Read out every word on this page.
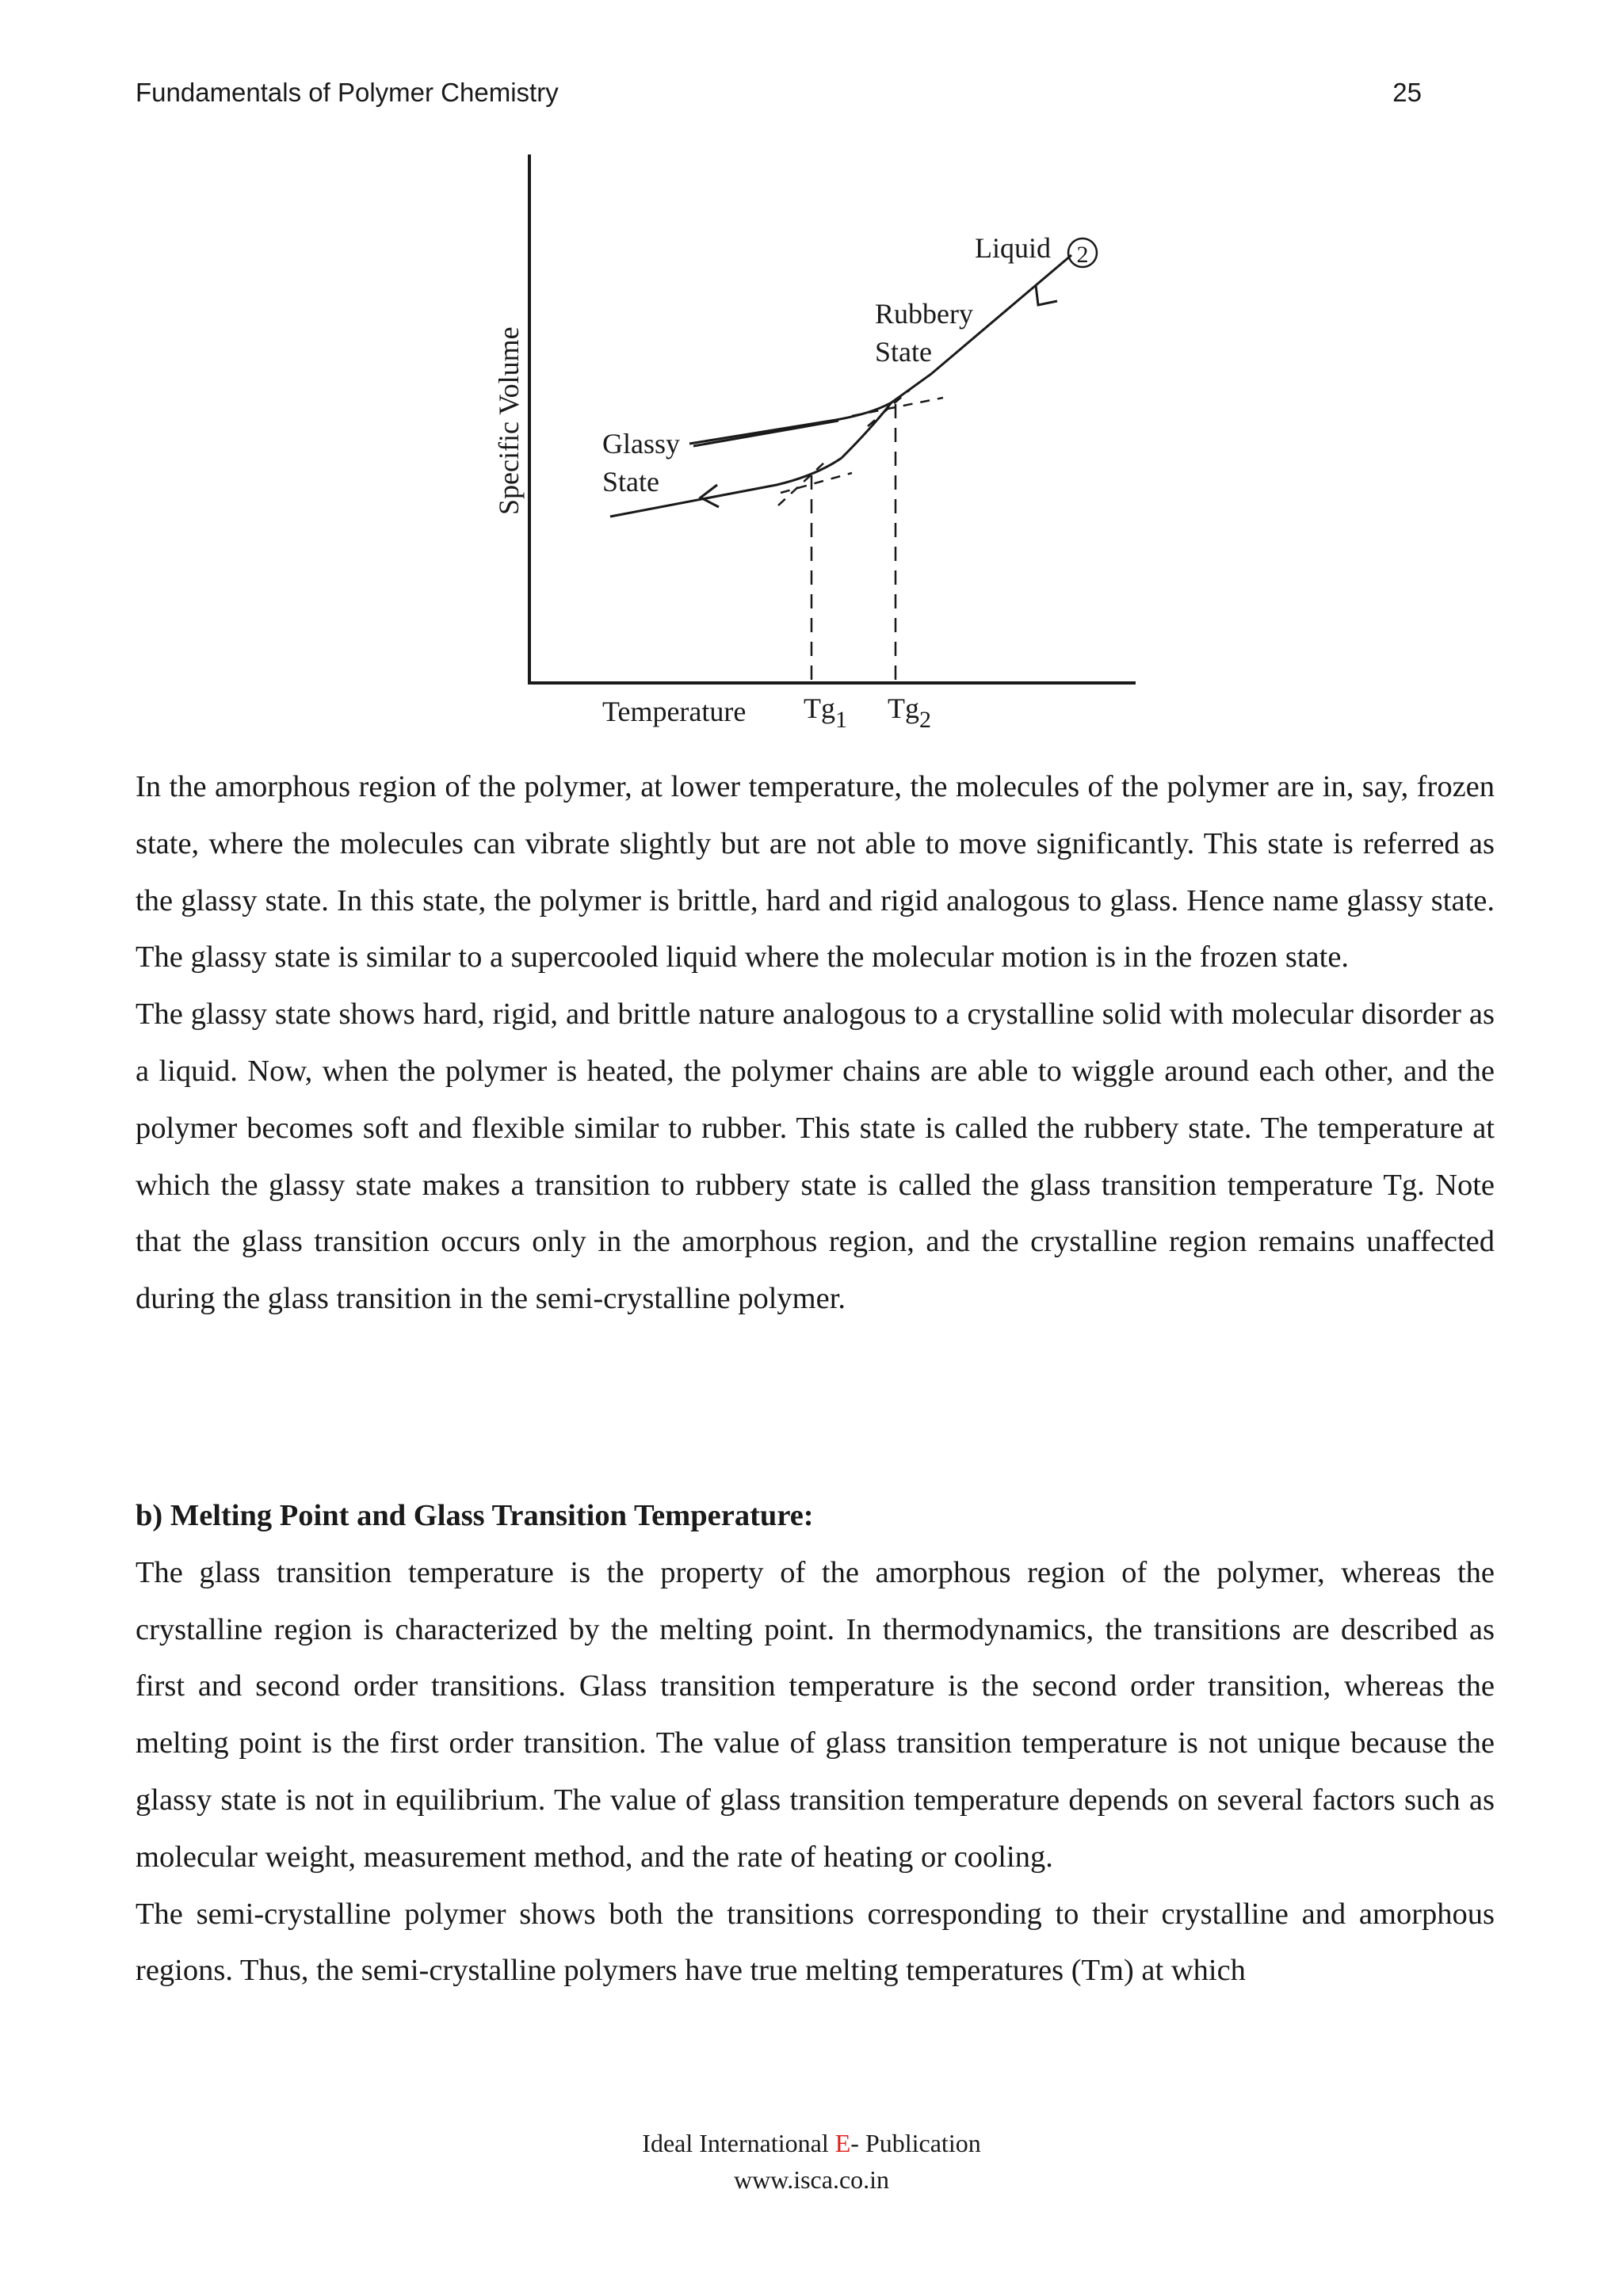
Fundamentals of Polymer Chemistry	25
Specific Volume
Temperature
Liquid 2
Rubbery
State
Glassy
State
$Tg_1$ $Tg_2$

In the amorphous region of the polymer, at lower temperature, the molecules of the polymer are in, say, frozen state, where the molecules can vibrate slightly but are not able to move significantly. This state is referred as the glassy state. In this state, the polymer is brittle, hard and rigid analogous to glass. Hence name glassy state. The glassy state is similar to a supercooled liquid where the molecular motion is in the frozen state.

The glassy state shows hard, rigid, and brittle nature analogous to a crystalline solid with molecular disorder as a liquid. Now, when the polymer is heated, the polymer chains are able to wiggle around each other, and the polymer becomes soft and flexible similar to rubber. This state is called the rubbery state. The temperature at which the glassy state makes a transition to rubbery state is called the glass transition temperature Tg. Note that the glass transition occurs only in the amorphous region, and the crystalline region remains unaffected during the glass transition in the semi-crystalline polymer.

b) Melting Point and Glass Transition Temperature:

The glass transition temperature is the property of the amorphous region of the polymer, whereas the crystalline region is characterized by the melting point. In thermodynamics, the transitions are described as first and second order transitions. Glass transition temperature is the second order transition, whereas the melting point is the first order transition. The value of glass transition temperature is not unique because the glassy state is not in equilibrium. The value of glass transition temperature depends on several factors such as molecular weight, measurement method, and the rate of heating or cooling.

The semi-crystalline polymer shows both the transitions corresponding to their crystalline and amorphous regions. Thus, the semi-crystalline polymers have true melting temperatures (Tm) at which

Ideal International E- Publication
www.isca.co.in
